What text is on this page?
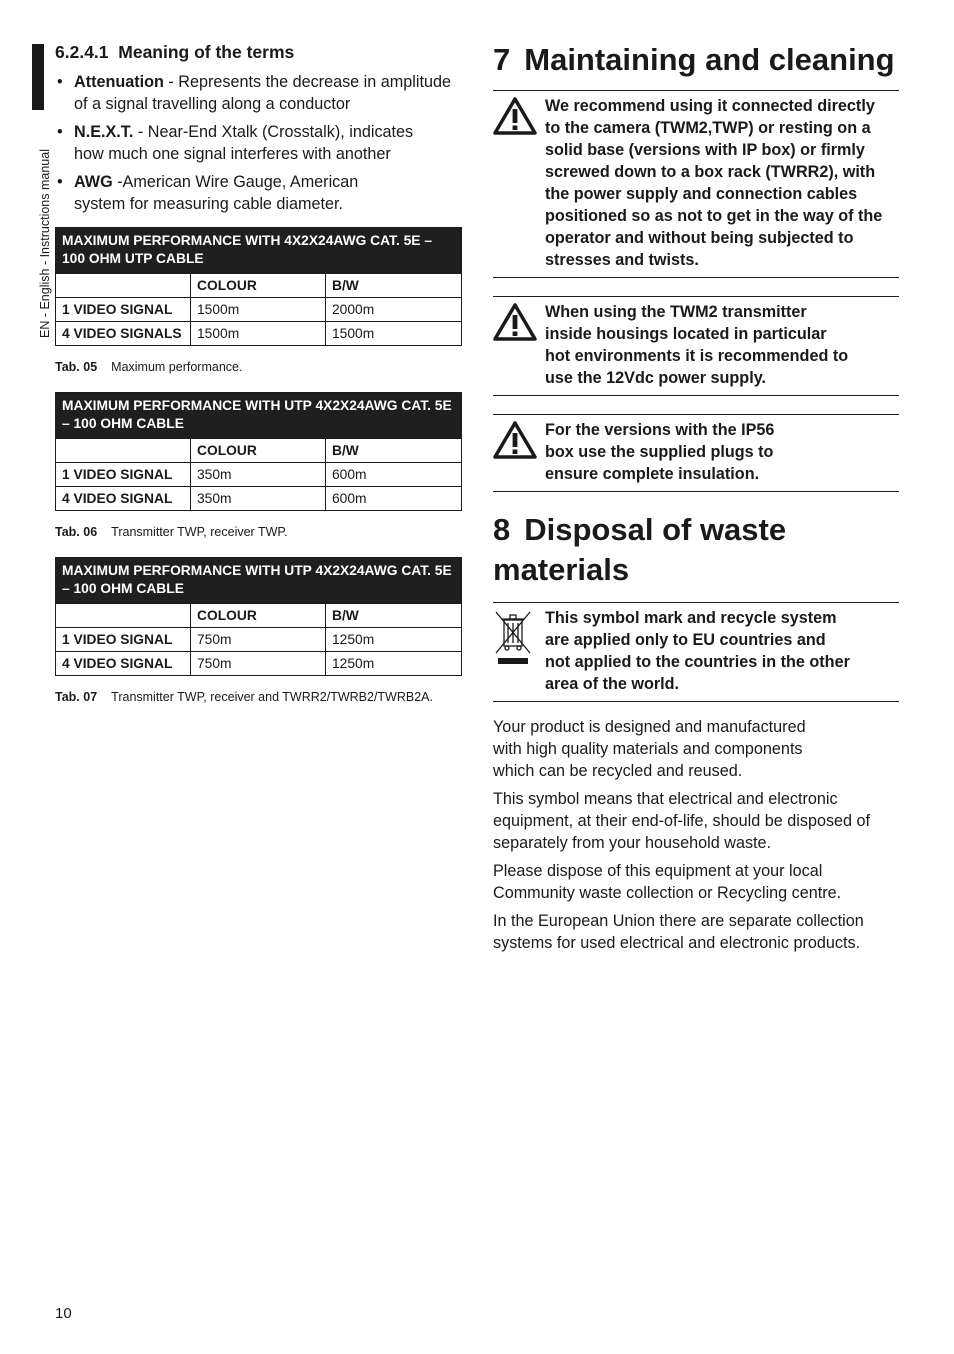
EN - English - Instructions manual
6.2.4.1 Meaning of the terms
• Attenuation - Represents the decrease in amplitude of a signal travelling along a conductor
• N.E.X.T. - Near-End Xtalk (Crosstalk), indicates how much one signal interferes with another
• AWG -American Wire Gauge, American system for measuring cable diameter.
MAXIMUM PERFORMANCE WITH 4X2X24AWG CAT. 5E – 100 OHM UTP CABLE		
	COLOUR	B/W
1 VIDEO SIGNAL	1500m	2000m
4 VIDEO SIGNALS	1500m	1500m
Tab. 05 Maximum performance.
MAXIMUM PERFORMANCE WITH UTP 4X2X24AWG CAT. 5E – 100 OHM CABLE		
	COLOUR	B/W
1 VIDEO SIGNAL	350m	600m
4 VIDEO SIGNAL	350m	600m
Tab. 06 Transmitter TWP, receiver TWP.
MAXIMUM PERFORMANCE WITH UTP 4X2X24AWG CAT. 5E – 100 OHM CABLE		
	COLOUR	B/W
1 VIDEO SIGNAL	750m	1250m
4 VIDEO SIGNAL	750m	1250m
Tab. 07 Transmitter TWP, receiver and TWRR2/TWRB2/TWRB2A.
7 Maintaining and cleaning
We recommend using it connected directly to the camera (TWM2,TWP) or resting on a solid base (versions with IP box) or firmly screwed down to a box rack (TWRR2), with the power supply and connection cables positioned so as not to get in the way of the operator and without being subjected to stresses and twists.
When using the TWM2 transmitter inside housings located in particular hot environments it is recommended to use the 12Vdc power supply.
For the versions with the IP56 box use the supplied plugs to ensure complete insulation.
8 Disposal of waste materials
This symbol mark and recycle system are applied only to EU countries and not applied to the countries in the other area of the world.

Your product is designed and manufactured with high quality materials and components which can be recycled and reused.

This symbol means that electrical and electronic equipment, at their end-of-life, should be disposed of separately from your household waste.

Please dispose of this equipment at your local Community waste collection or Recycling centre.

In the European Union there are separate collection systems for used electrical and electronic products.

10
